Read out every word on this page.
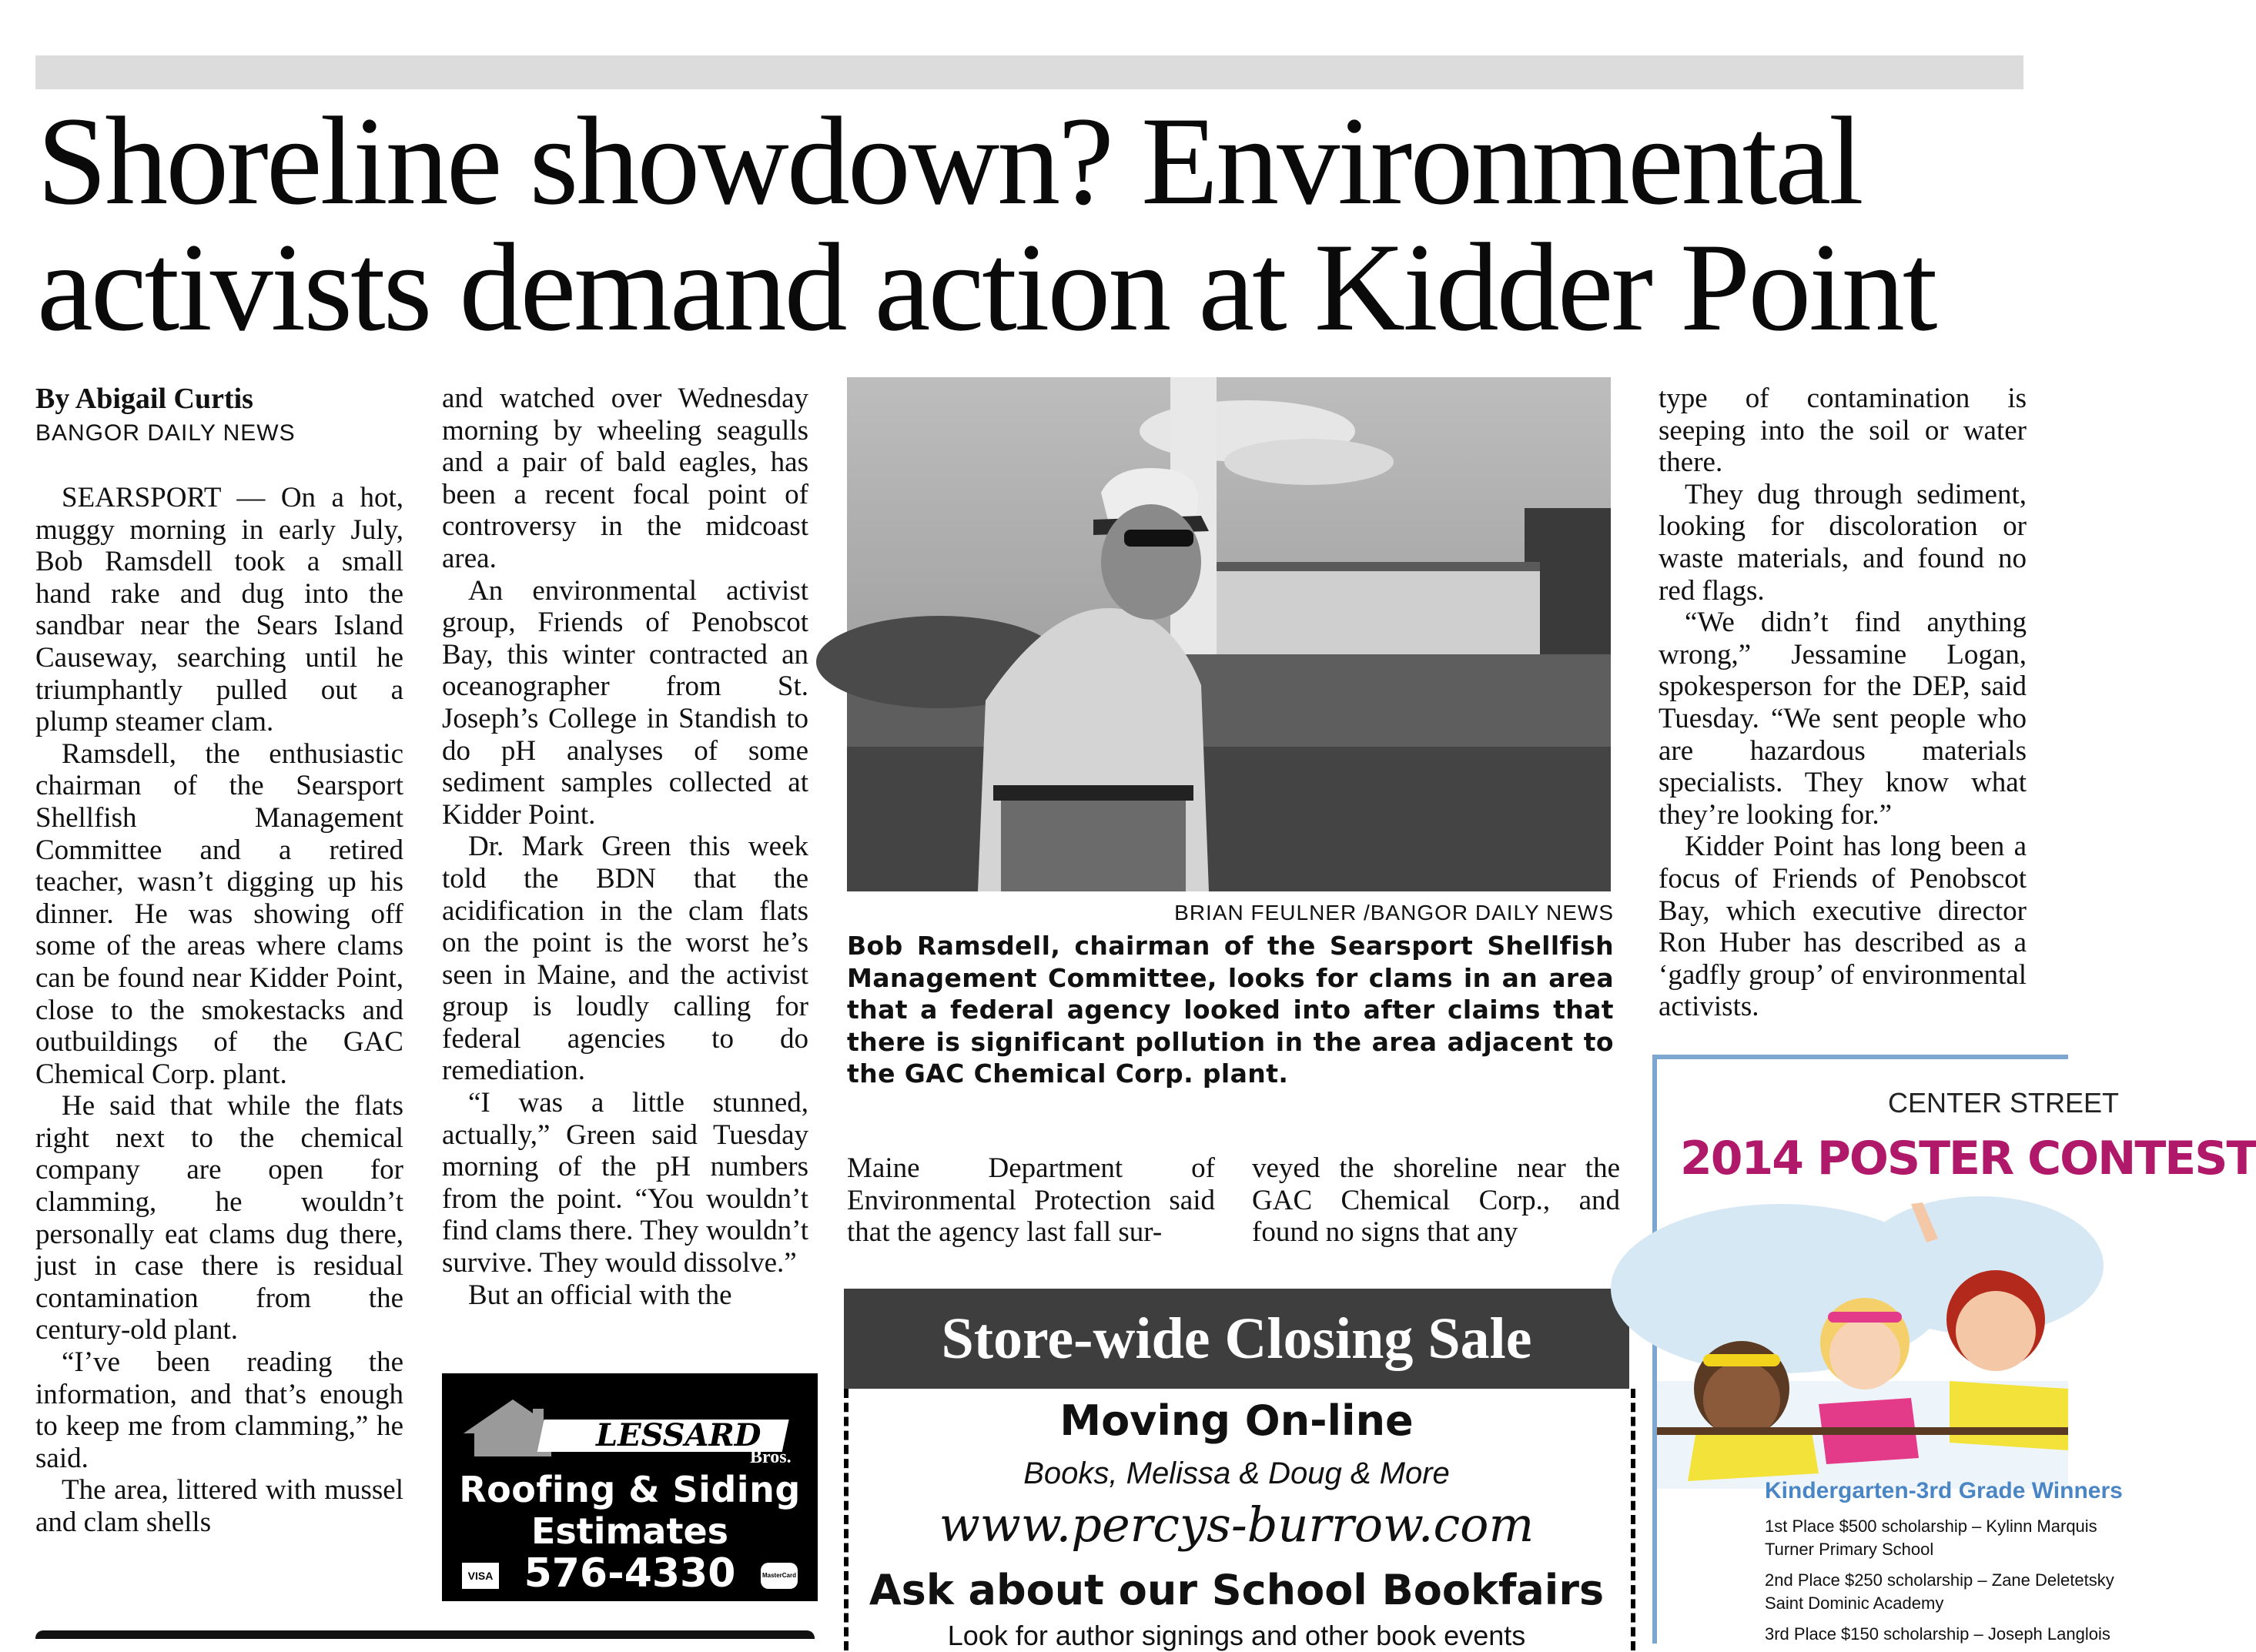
Shoreline showdown? Environmental
activists demand action at Kidder Point
By Abigail Curtis
BANGOR DAILY NEWS

SEARSPORT — On a hot, muggy morning in early July, Bob Ramsdell took a small hand rake and dug into the sandbar near the Sears Island Causeway, searching until he triumphantly pulled out a plump steamer clam.

Ramsdell, the enthusiastic chairman of the Searsport Shellfish Management Committee and a retired teacher, wasn’t digging up his dinner. He was showing off some of the areas where clams can be found near Kidder Point, close to the smokestacks and outbuildings of the GAC Chemical Corp. plant.

He said that while the flats right next to the chemical company are open for clamming, he wouldn’t personally eat clams dug there, just in case there is residual contamination from the century-old plant.

“I’ve been reading the information, and that’s enough to keep me from clamming,” he said.

The area, littered with mussel and clam shells

and watched over Wednesday morning by wheeling seagulls and a pair of bald eagles, has been a recent focal point of controversy in the midcoast area.

An environmental activist group, Friends of Penobscot Bay, this winter contracted an oceanographer from St. Joseph’s College in Standish to do pH analyses of some sediment samples collected at Kidder Point.

Dr. Mark Green this week told the BDN that the acidification in the clam flats on the point is the worst he’s seen in Maine, and the activist group is loudly calling for federal agencies to do remediation.

“I was a little stunned, actually,” Green said Tuesday morning of the pH numbers from the point. “You wouldn’t find clams there. They wouldn’t survive. They would dissolve.”

But an official with the

type of contamination is seeping into the soil or water there.

They dug through sediment, looking for discoloration or waste materials, and found no red flags.

“We didn’t find anything wrong,” Jessamine Logan, spokesperson for the DEP, said Tuesday. “We sent people who are hazardous materials specialists. They know what they’re looking for.”

Kidder Point has long been a focus of Friends of Penobscot Bay, which executive director Ron Huber has described as a ‘gadfly group’ of environmental activists.

Maine Department of Environmental Protection said that the agency last fall sur-

veyed the shoreline near the GAC Chemical Corp., and found no signs that any

BRIAN FEULNER /BANGOR DAILY NEWS
Bob Ramsdell, chairman of the Searsport Shellfish Management Committee, looks for clams in an area that a federal agency looked into after claims that there is significant pollution in the area adjacent to the GAC Chemical Corp. plant.
LESSARD
Bros.
Roofing & Siding
Estimates
576-4330
VISA	MasterCard
Store-wide Closing Sale
Moving On-line
Books, Melissa & Doug & More
www.percys-burrow.com
Ask about our School Bookfairs
Look for author signings and other book events
CENTER STREET
2014 POSTER CONTEST
Kindergarten-3rd Grade Winners
1st Place $500 scholarship – Kylinn Marquis
Turner Primary School
2nd Place $250 scholarship – Zane Deletetsky
Saint Dominic Academy
3rd Place $150 scholarship – Joseph Langlois
